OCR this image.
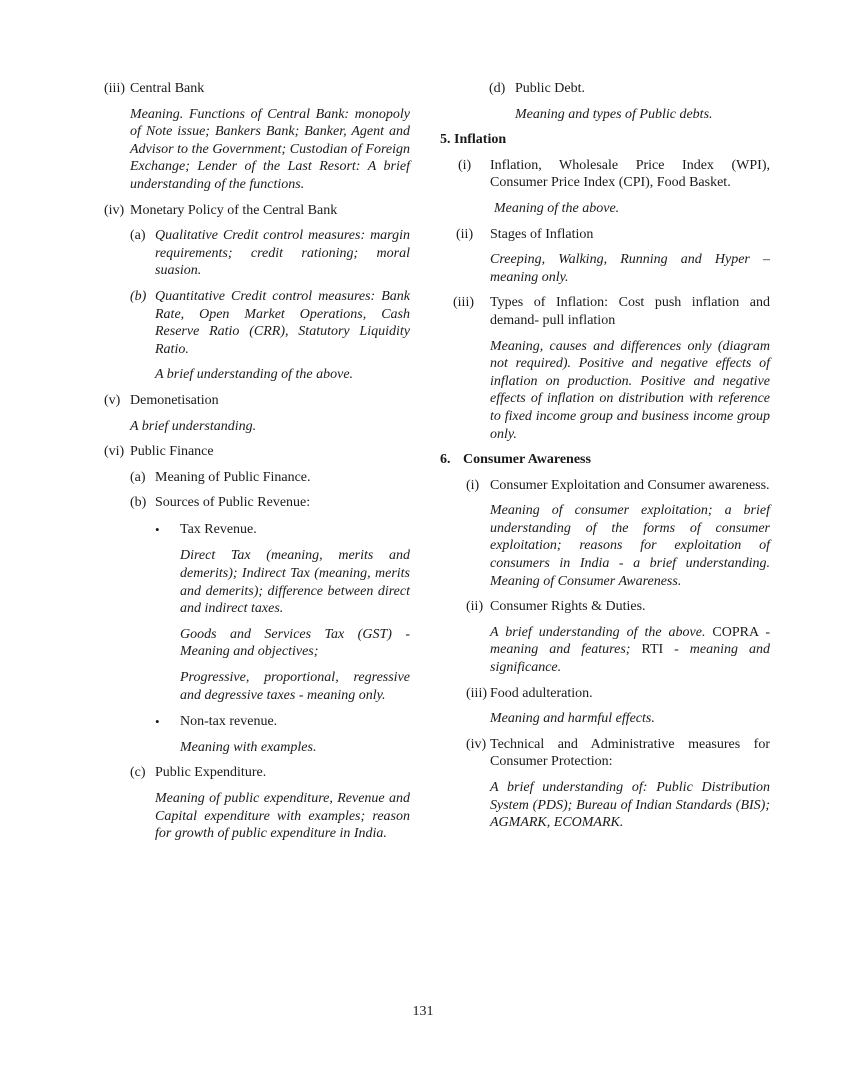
(iii) Central Bank

Meaning. Functions of Central Bank: monopoly of Note issue; Bankers Bank; Banker, Agent and Advisor to the Government; Custodian of Foreign Exchange; Lender of the Last Resort: A brief understanding of the functions.

(iv) Monetary Policy of the Central Bank

(a) Qualitative Credit control measures: margin requirements; credit rationing; moral suasion.

(b) Quantitative Credit control measures: Bank Rate, Open Market Operations, Cash Reserve Ratio (CRR), Statutory Liquidity Ratio.

A brief understanding of the above.

(v) Demonetisation

A brief understanding.

(vi) Public Finance

(a) Meaning of Public Finance.

(b) Sources of Public Revenue:

• Tax Revenue.

Direct Tax (meaning, merits and demerits); Indirect Tax (meaning, merits and demerits); difference between direct and indirect taxes.

Goods and Services Tax (GST) - Meaning and objectives;

Progressive, proportional, regressive and degressive taxes - meaning only.

• Non-tax revenue.

Meaning with examples.

(c) Public Expenditure.

Meaning of public expenditure, Revenue and Capital expenditure with examples; reason for growth of public expenditure in India.

(d) Public Debt.

Meaning and types of Public debts.

5. Inflation

(i) Inflation, Wholesale Price Index (WPI), Consumer Price Index (CPI), Food Basket.

Meaning of the above.

(ii) Stages of Inflation

Creeping, Walking, Running and Hyper – meaning only.

(iii) Types of Inflation: Cost push inflation and demand- pull inflation

Meaning, causes and differences only (diagram not required). Positive and negative effects of inflation on production. Positive and negative effects of inflation on distribution with reference to fixed income group and business income group only.

6. Consumer Awareness

(i) Consumer Exploitation and Consumer awareness.

Meaning of consumer exploitation; a brief understanding of the forms of consumer exploitation; reasons for exploitation of consumers in India - a brief understanding. Meaning of Consumer Awareness.

(ii) Consumer Rights & Duties.

A brief understanding of the above. COPRA - meaning and features; RTI - meaning and significance.

(iii) Food adulteration.

Meaning and harmful effects.

(iv) Technical and Administrative measures for Consumer Protection:

A brief understanding of: Public Distribution System (PDS); Bureau of Indian Standards (BIS); AGMARK, ECOMARK.

131
